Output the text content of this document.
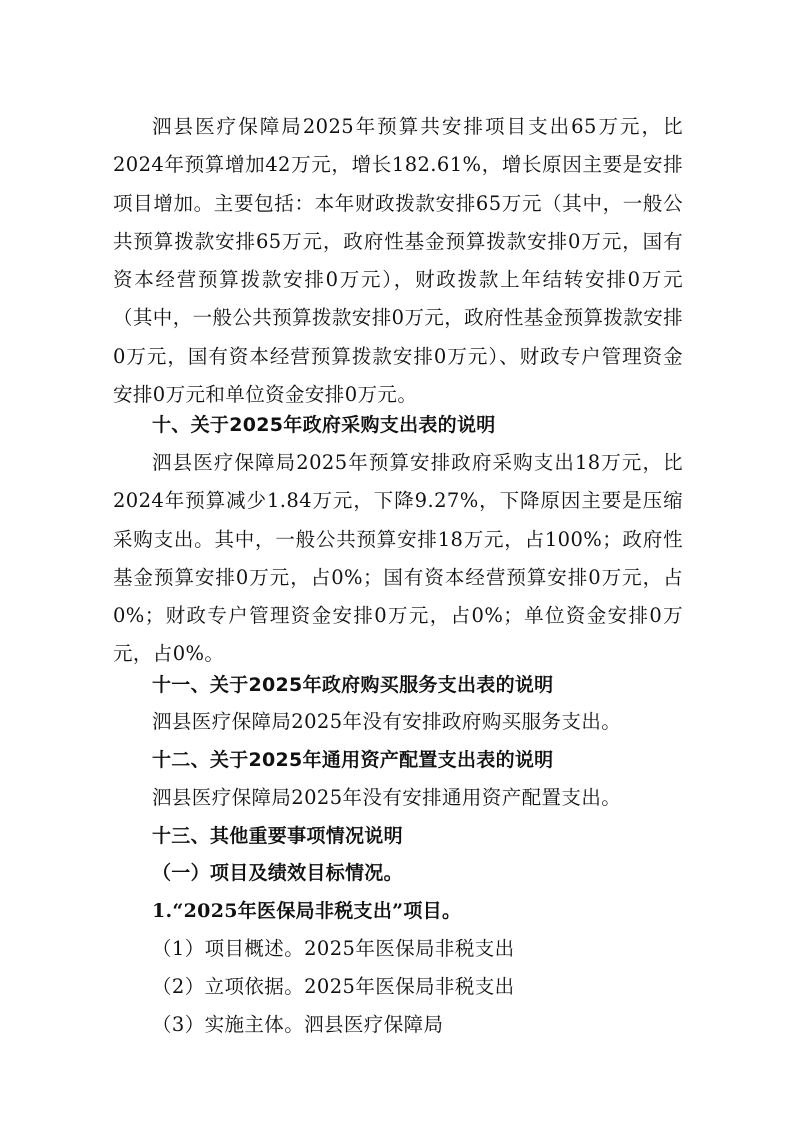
泗县医疗保障局2025年预算共安排项目支出65万元，比2024年预算增加42万元，增长182.61%，增长原因主要是安排项目增加。主要包括：本年财政拨款安排65万元（其中，一般公共预算拨款安排65万元，政府性基金预算拨款安排0万元，国有资本经营预算拨款安排0万元），财政拨款上年结转安排0万元（其中，一般公共预算拨款安排0万元，政府性基金预算拨款安排0万元，国有资本经营预算拨款安排0万元）、财政专户管理资金安排0万元和单位资金安排0万元。

十、关于2025年政府采购支出表的说明

泗县医疗保障局2025年预算安排政府采购支出18万元，比2024年预算减少1.84万元，下降9.27%，下降原因主要是压缩采购支出。其中，一般公共预算安排18万元，占100%；政府性基金预算安排0万元，占0%；国有资本经营预算安排0万元，占0%；财政专户管理资金安排0万元，占0%；单位资金安排0万元，占0%。

十一、关于2025年政府购买服务支出表的说明

泗县医疗保障局2025年没有安排政府购买服务支出。

十二、关于2025年通用资产配置支出表的说明

泗县医疗保障局2025年没有安排通用资产配置支出。

十三、其他重要事项情况说明
（一）项目及绩效目标情况。
1.“2025年医保局非税支出”项目。

（1）项目概述。2025年医保局非税支出

（2）立项依据。2025年医保局非税支出

（3）实施主体。泗县医疗保障局
